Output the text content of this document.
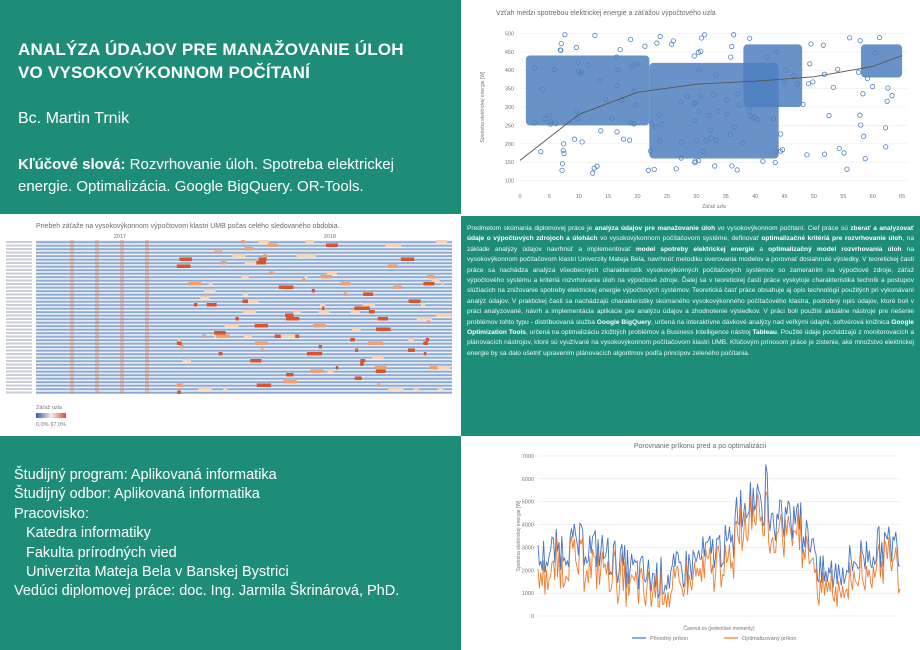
ANALÝZA ÚDAJOV PRE MANAŽOVANIE ÚLOH
VO VYSOKOVÝKONNOM POČÍTANÍ
Bc. Martin Trnik
Kľúčové slová: Rozvrhovanie úloh. Spotreba elektrickej energie. Optimalizácia. Google BigQuery. OR-Tools.
Vzťah medzi spotrebou elektrickej energie a záťažou výpočtového uzla
100
150
200
250
300
350
400
450
500
0	5	10	15	20	25	30	35	40	45	50	55	60	65
Záťaž uzla
Spotreba elektrickej energie [W]
Priebeh záťaže na vysokovýkonnom výpočtovom klastri UMB počas celého sledovaného obdobia.
2017	2018
Záťaž uzla
0,0% 97,0%

Predmetom skúmania diplomovej práce je analýza údajov pre manažovanie úloh vo vysokovýkonnom počítaní. Cieľ práce sú zberať a analyzovať údaje o výpočtových zdrojoch a úlohách vo vysokovýkonnom počítačovom systéme, definovať optimalizačné kritériá pre rozvrhovanie úloh, na základe analýzy údajov navrhnúť a implementovať model spotreby elektrickej energie a optimalizačný model rozvrhovania úloh na vysokovýkonnom počítačovom klastri Univerzity Mateja Bela, navrhnúť metodiku overovania modelov a porovnať dosiahnuté výsledky. V teoretickej časti práce sa nachádza analýza všeobecných charakteristík vysokovýkonných počítačových systémov so zameraním na výpočtové zdroje, záťaž výpočtového systému a kritériá rozvrhovania úloh na výpočtové zdroje. Ďalej sa v teoretickej časti práce vyskytuje charakteristika techník a postupov slúžiacich na znižovanie spotreby elektrickej energie výpočtových systémov. Teoretická časť práce obsahuje aj opis technológií použitých pri vykonávaní analýz údajov. V praktickej časti sa nachádzajú charakteristiky skúmaného vysokovýkonného počítačového klastra, podrobný opis údajov, ktoré boli v práci analyzované, návrh a implementácia aplikácie pre analýzu údajov a zhodnotenie výsledkov. V práci boli použité aktuálne nástroje pre riešenie problémov tohto typu - distribuovaná služba Google BigQuery, určená na interaktívne dávkové analýzy nad veľkými údajmi, softvérová knižnica Google Optimization Tools, určená na optimalizáciu zložitých problémov a Business Intelligence nástroj Tableau. Použité údaje pochádzajú z monitorovacích a plánovacích nástrojov, ktoré sú využívané na vysokovýkonnom počítačovom klastri UMB. Kľúčovým prínosom práce je zistenie, aké množstvo elektrickej energie by sa dalo ušetriť upravením plánovacích algoritmov podľa princípov zeleného počítania.

Študijný program: Aplikovaná informatika
Študijný odbor: Aplikovaná informatika
Pracovisko:
Katedra informatiky
Fakulta prírodných vied
Univerzita Mateja Bela v Banskej Bystrici
Vedúci diplomovej práce: doc. Ing. Jarmila Škrinárová, PhD.
Porovnanie príkonu pred a po optimalizácii
0
1000
2000
3000
4000
5000
6000
7000
Časová os (jednotlivé momenty)
Spotreba elektrickej energie [W]
Pôvodný príkon	Optimalizovaný príkon
